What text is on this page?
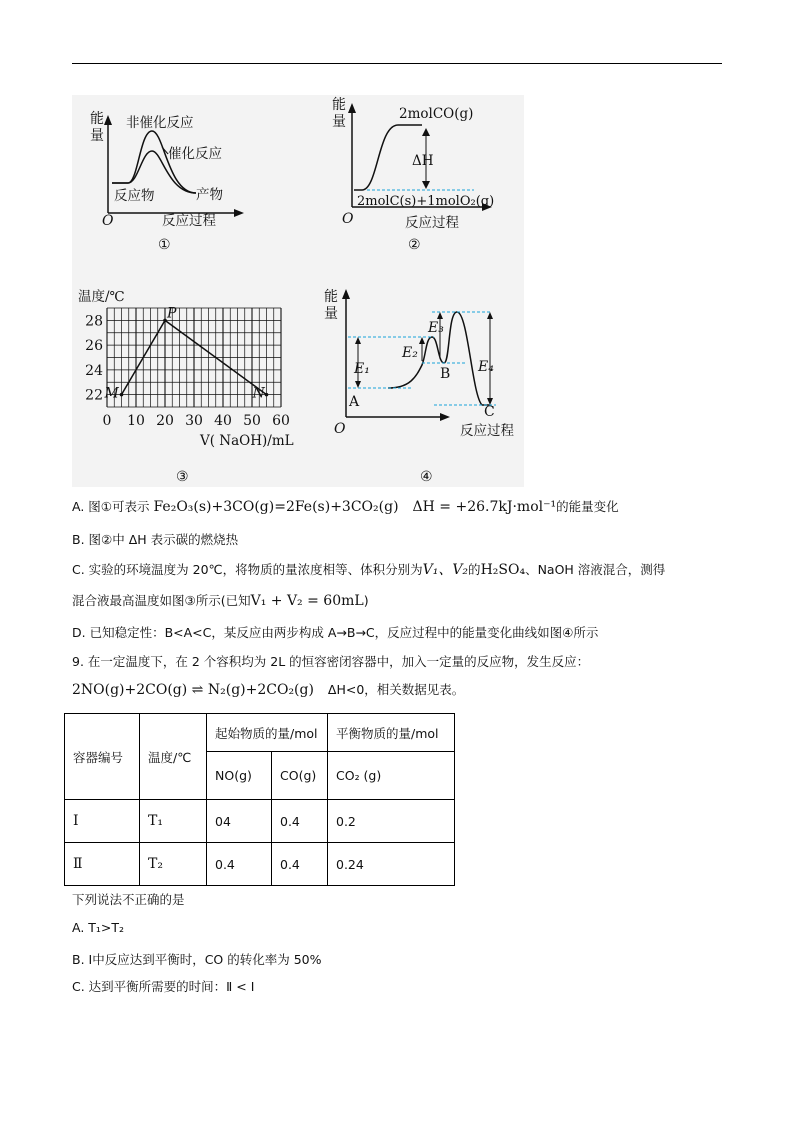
能
量
非催化反应
催化反应
反应物	产物
O	反应过程
①
能
量	2molCO(g)
ΔH
2molC(s)+1molO₂(g)
O	反应过程
②
温度/℃
22
24
26
28
0 10 20 30 40 50 60
M
P
N
V( NaOH)/mL
③
能
量
E₁
E₂
E₃
E₄
A
B
C
O	反应过程
④
A. 图①可表示 Fe₂O₃(s)+3CO(g)=2Fe(s)+3CO₂(g) ΔH = +26.7kJ·mol⁻¹的能量变化
B. 图②中 ΔH 表示碳的燃烧热
C. 实验的环境温度为 20℃，将物质的量浓度相等、体积分别为V₁、V₂的H₂SO₄、NaOH 溶液混合，测得
混合液最高温度如图③所示(已知V₁ + V₂ = 60mL)
D. 已知稳定性：B<A<C，某反应由两步构成 A→B→C，反应过程中的能量变化曲线如图④所示
9. 在一定温度下，在 2 个容积均为 2L 的恒容密闭容器中，加入一定量的反应物，发生反应：
2NO(g)+2CO(g) ⇌ N₂(g)+2CO₂(g) ΔH<0，相关数据见表。
容器编号	温度/℃	起始物质的量/mol		平衡物质的量/mol
		NO(g)	CO(g)	CO₂ (g)
Ⅰ	T₁	04	0.4	0.2
Ⅱ	T₂	0.4	0.4	0.24
下列说法不正确的是
A. T₁>T₂
B. Ⅰ中反应达到平衡时，CO 的转化率为 50%
C. 达到平衡所需要的时间：Ⅱ < Ⅰ
